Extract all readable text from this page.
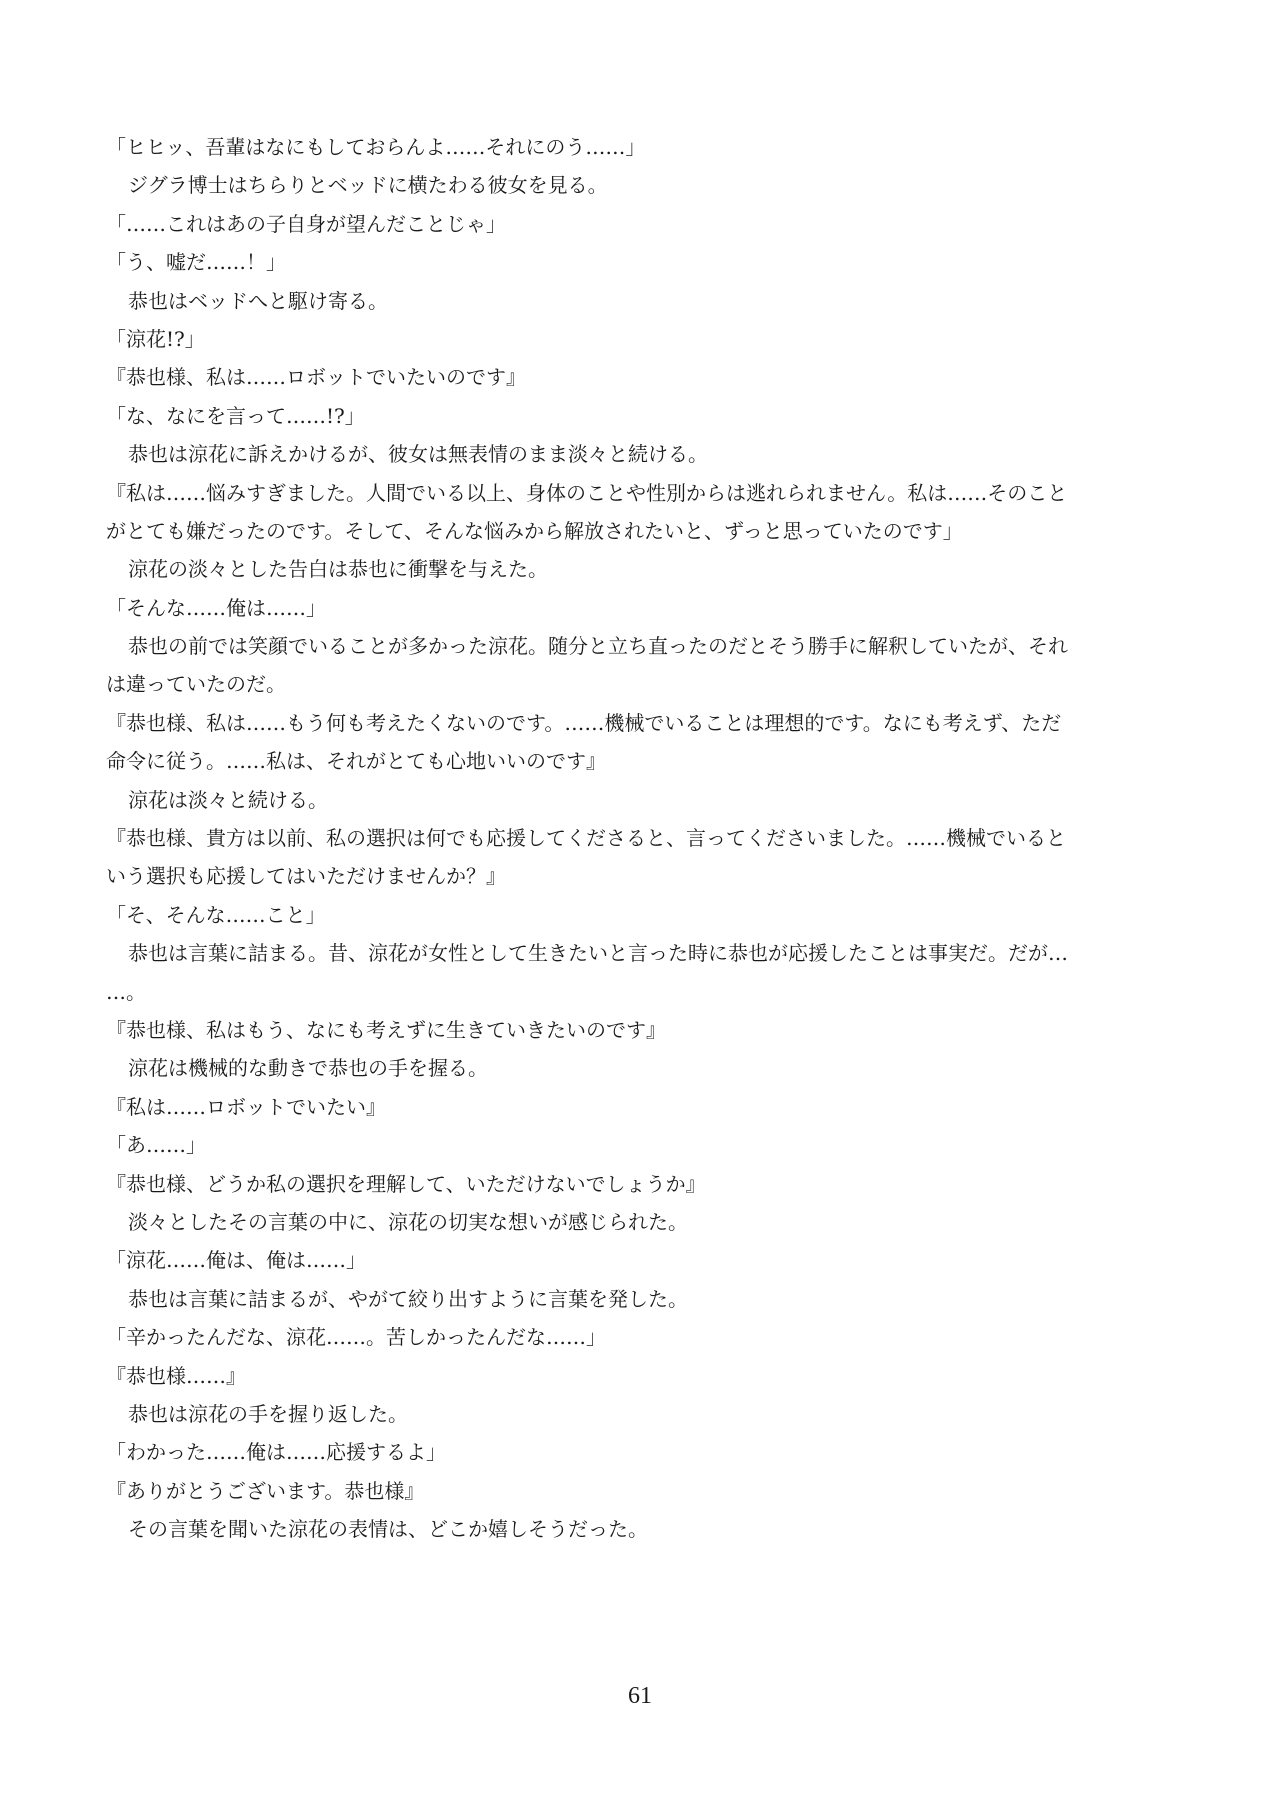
「ヒヒッ、吾輩はなにもしておらんよ……それにのう……」
ジグラ博士はちらりとベッドに横たわる彼女を見る。
「……これはあの子自身が望んだことじゃ」
「う、嘘だ……！」
恭也はベッドへと駆け寄る。
「涼花!?」
『恭也様、私は……ロボットでいたいのです』
「な、なにを言って……!?」
恭也は涼花に訴えかけるが、彼女は無表情のまま淡々と続ける。
『私は……悩みすぎました。人間でいる以上、身体のことや性別からは逃れられません。私は……そのこと
がとても嫌だったのです。そして、そんな悩みから解放されたいと、ずっと思っていたのです」
涼花の淡々とした告白は恭也に衝撃を与えた。
「そんな……俺は……」
恭也の前では笑顔でいることが多かった涼花。随分と立ち直ったのだとそう勝手に解釈していたが、それ
は違っていたのだ。
『恭也様、私は……もう何も考えたくないのです。……機械でいることは理想的です。なにも考えず、ただ
命令に従う。……私は、それがとても心地いいのです』
涼花は淡々と続ける。
『恭也様、貴方は以前、私の選択は何でも応援してくださると、言ってくださいました。……機械でいると
いう選択も応援してはいただけませんか？』
「そ、そんな……こと」
恭也は言葉に詰まる。昔、涼花が女性として生きたいと言った時に恭也が応援したことは事実だ。だが…
…。
『恭也様、私はもう、なにも考えずに生きていきたいのです』
涼花は機械的な動きで恭也の手を握る。
『私は……ロボットでいたい』
「あ……」
『恭也様、どうか私の選択を理解して、いただけないでしょうか』
淡々としたその言葉の中に、涼花の切実な想いが感じられた。
「涼花……俺は、俺は……」
恭也は言葉に詰まるが、やがて絞り出すように言葉を発した。
「辛かったんだな、涼花……。苦しかったんだな……」
『恭也様……』
恭也は涼花の手を握り返した。
「わかった……俺は……応援するよ」
『ありがとうございます。恭也様』
その言葉を聞いた涼花の表情は、どこか嬉しそうだった。
61
